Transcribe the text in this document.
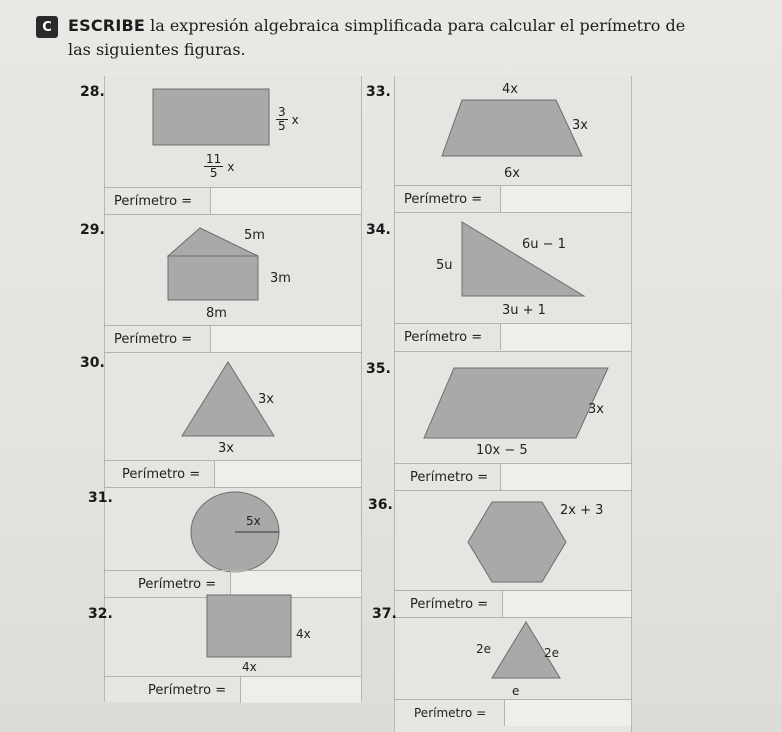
C	ESCRIBE la expresión algebraica simplificada para calcular el perímetro de las siguientes figuras.
28.
3
5 x
11
5 x
Perímetro =
29.	5m
3m
8m
Perímetro =
30.
3x
3x
Perímetro =
31.
5x
Perímetro =
32.
4x
4x
Perímetro =
33.	4x
3x
6x
Perímetro =
34.
5u
6u − 1
3u + 1
Perímetro =
35.
3x
10x − 5
Perímetro =
36.	2x + 3
Perímetro =
37.
2e	2e
e
Perímetro =
